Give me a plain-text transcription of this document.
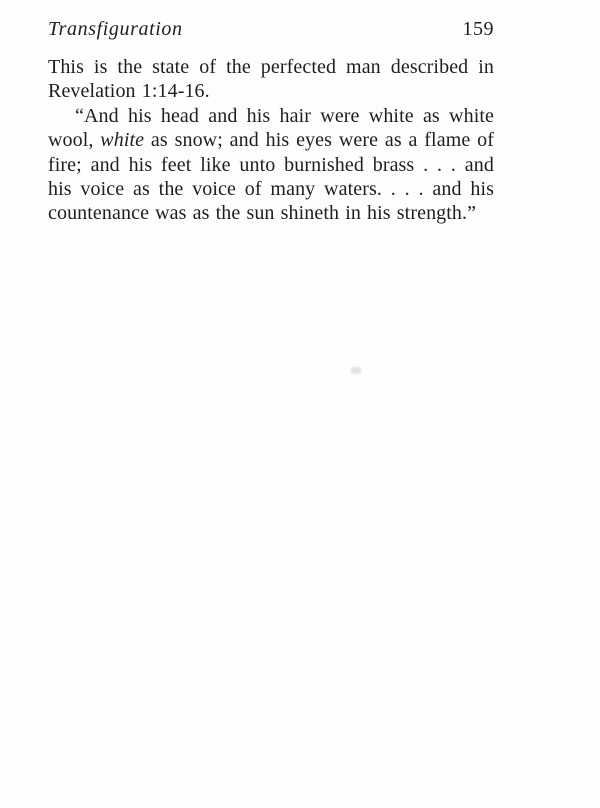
Transfiguration	159

This is the state of the perfected man described in Revelation 1:14-16.

“And his head and his hair were white as white wool, white as snow; and his eyes were as a flame of fire; and his feet like unto burnished brass . . . and his voice as the voice of many waters. . . . and his countenance was as the sun shineth in his strength.”
